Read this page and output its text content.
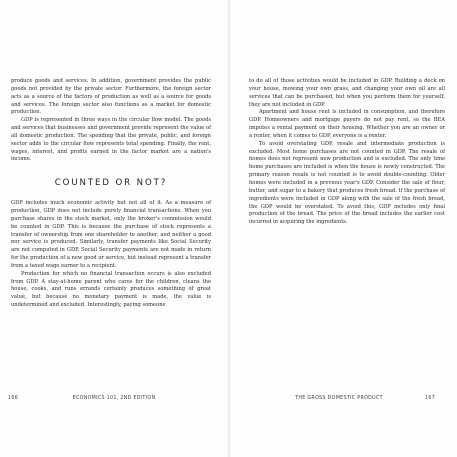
produce goods and services. In addition, government provides the public goods not provided by the private sector. Furthermore, the foreign sector acts as a source of the factors of production as well as a source for goods and services. The foreign sector also functions as a market for domestic production.

GDP is represented in three ways in the circular flow model. The goods and services that businesses and government provide represent the value of all domestic production. The spending that the private, public, and foreign sector adds to the circular flow represents total spending. Finally, the rent, wages, interest, and profits earned in the factor market are a nation's income.

COUNTED OR NOT?

GDP includes much economic activity but not all of it. As a measure of production, GDP does not include purely financial transactions. When you purchase shares in the stock market, only the broker's commission would be counted in GDP. This is because the purchase of stock represents a transfer of ownership from one shareholder to another, and neither a good nor service is produced. Similarly, transfer payments like Social Security are not computed in GDP. Social Security payments are not made in return for the production of a new good or service, but instead represent a transfer from a taxed wage earner to a recipient.

Production for which no financial transaction occurs is also excluded from GDP. A stay-at-home parent who cares for the children, cleans the house, cooks, and runs errands certainly produces something of great value, but because no monetary payment is made, the value is undetermined and excluded. Interestingly, paying someone

166	ECONOMICS 101, 2ND EDITION

to do all of those activities would be included in GDP. Building a deck on your house, mowing your own grass, and changing your own oil are all services that can be purchased, but when you perform them for yourself, they are not included in GDP.

Apartment and house rent is included in consumption, and therefore GDP. Homeowners and mortgage payers do not pay rent, so the BEA imputes a rental payment on their housing. Whether you are an owner or a renter, when it comes to GDP, everyone is a renter.

To avoid overstating GDP, resale and intermediate production is excluded. Most home purchases are not counted in GDP. The resale of homes does not represent new production and is excluded. The only time home purchases are included is when the house is newly constructed. The primary reason resale is not counted is to avoid double-counting. Older homes were included in a previous year's GDP. Consider the sale of flour, butter, and sugar to a bakery that produces fresh bread. If the purchase of ingredients were included in GDP along with the sale of the fresh bread, the GDP would be overstated. To avoid this, GDP includes only final production of the bread. The price of the bread includes the earlier cost incurred in acquiring the ingredients.

THE GROSS DOMESTIC PRODUCT	167
